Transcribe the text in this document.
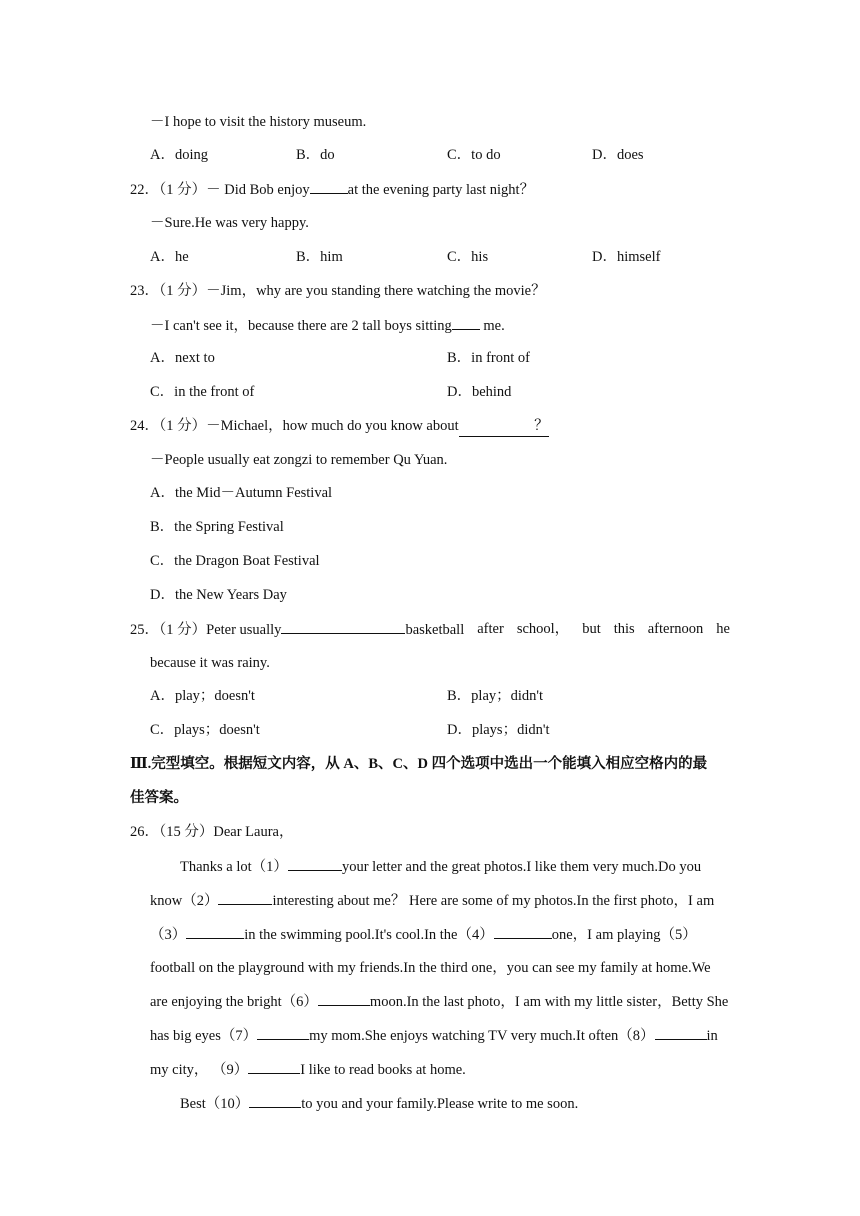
－I hope to visit the history museum.
A．doing	B．do	C．to do	D．does
22．（1 分）－ Did Bob enjoy	at the evening party last night？
－Sure.He was very happy.
A．he	B．him	C．his	D．himself
23．（1 分）－Jim，why are you standing there watching the movie？
－I can't see it，because there are 2 tall boys sitting me.
A．next to	B．in front of
C．in the front of	D．behind
24．（1 分）－Michael，how much do you know about	？
－People usually eat zongzi to remember Qu Yuan.
A．the Mid－Autumn Festival
B．the Spring Festival
C．the Dragon Boat Festival
D．the New Years Day
25．（1 分）Peter usually	basketball after school， but this afternoon he
because it was rainy.
A．play；doesn't	B．play；didn't
C．plays；doesn't	D．plays；didn't
Ⅲ.完型填空。根据短文内容，从 A、B、C、D 四个选项中选出一个能填入相应空格内的最
佳答案。
26．（15 分）Dear Laura，
Thanks a lot（1）	your letter and the great photos.I like them very much.Do you
know（2）	interesting about me？ Here are some of my photos.In the first photo，I am
（3）	in the swimming pool.It's cool.In the（4）	one，I am playing（5）
football on the playground with my friends.In the third one，you can see my family at home.We
are enjoying the bright（6）	moon.In the last photo，I am with my little sister，Betty She
has big eyes（7）	my mom.She enjoys watching TV very much.It often（8）	in
my city， （9）	I like to read books at home.
Best（10）	to you and your family.Please write to me soon.
